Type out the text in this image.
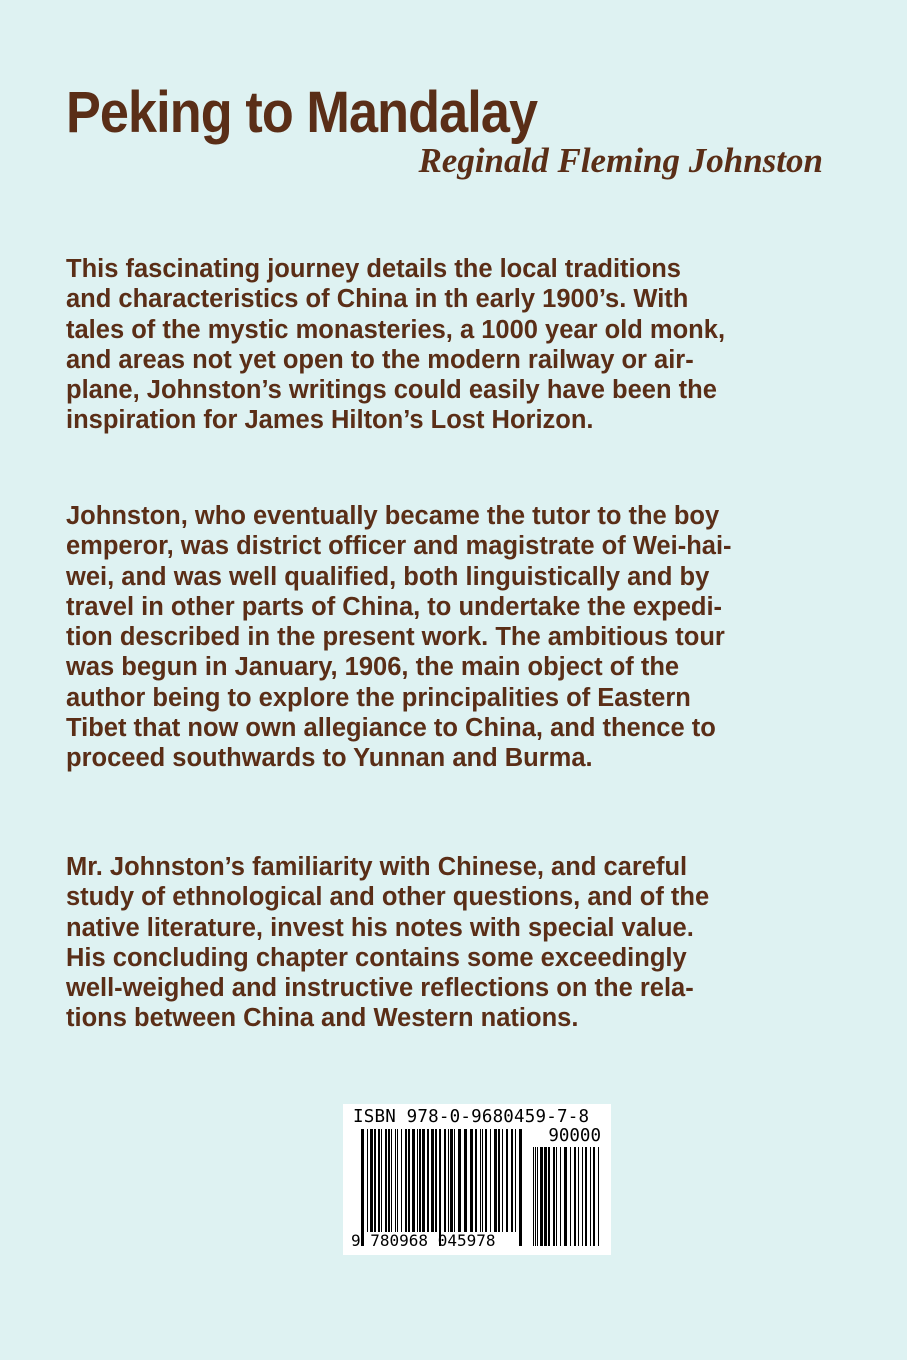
Peking to Mandalay
Reginald Fleming Johnston
This fascinating journey details the local traditions
and characteristics of China in th early 1900’s. With
tales of the mystic monasteries, a 1000 year old monk,
and areas not yet open to the modern railway or air-
plane, Johnston’s writings could easily have been the
inspiration for James Hilton’s Lost Horizon.
Johnston, who eventually became the tutor to the boy
emperor, was district officer and magistrate of Wei-hai-
wei, and was well qualified, both linguistically and by
travel in other parts of China, to undertake the expedi-
tion described in the present work. The ambitious tour
was begun in January, 1906, the main object of the
author being to explore the principalities of Eastern
Tibet that now own allegiance to China, and thence to
proceed southwards to Yunnan and Burma.
Mr. Johnston’s familiarity with Chinese, and careful
study of ethnological and other questions, and of the
native literature, invest his notes with special value.
His concluding chapter contains some exceedingly
well-weighed and instructive reflections on the rela-
tions between China and Western nations.
ISBN 978-0-9680459-7-8
90000
9 780968 045978
